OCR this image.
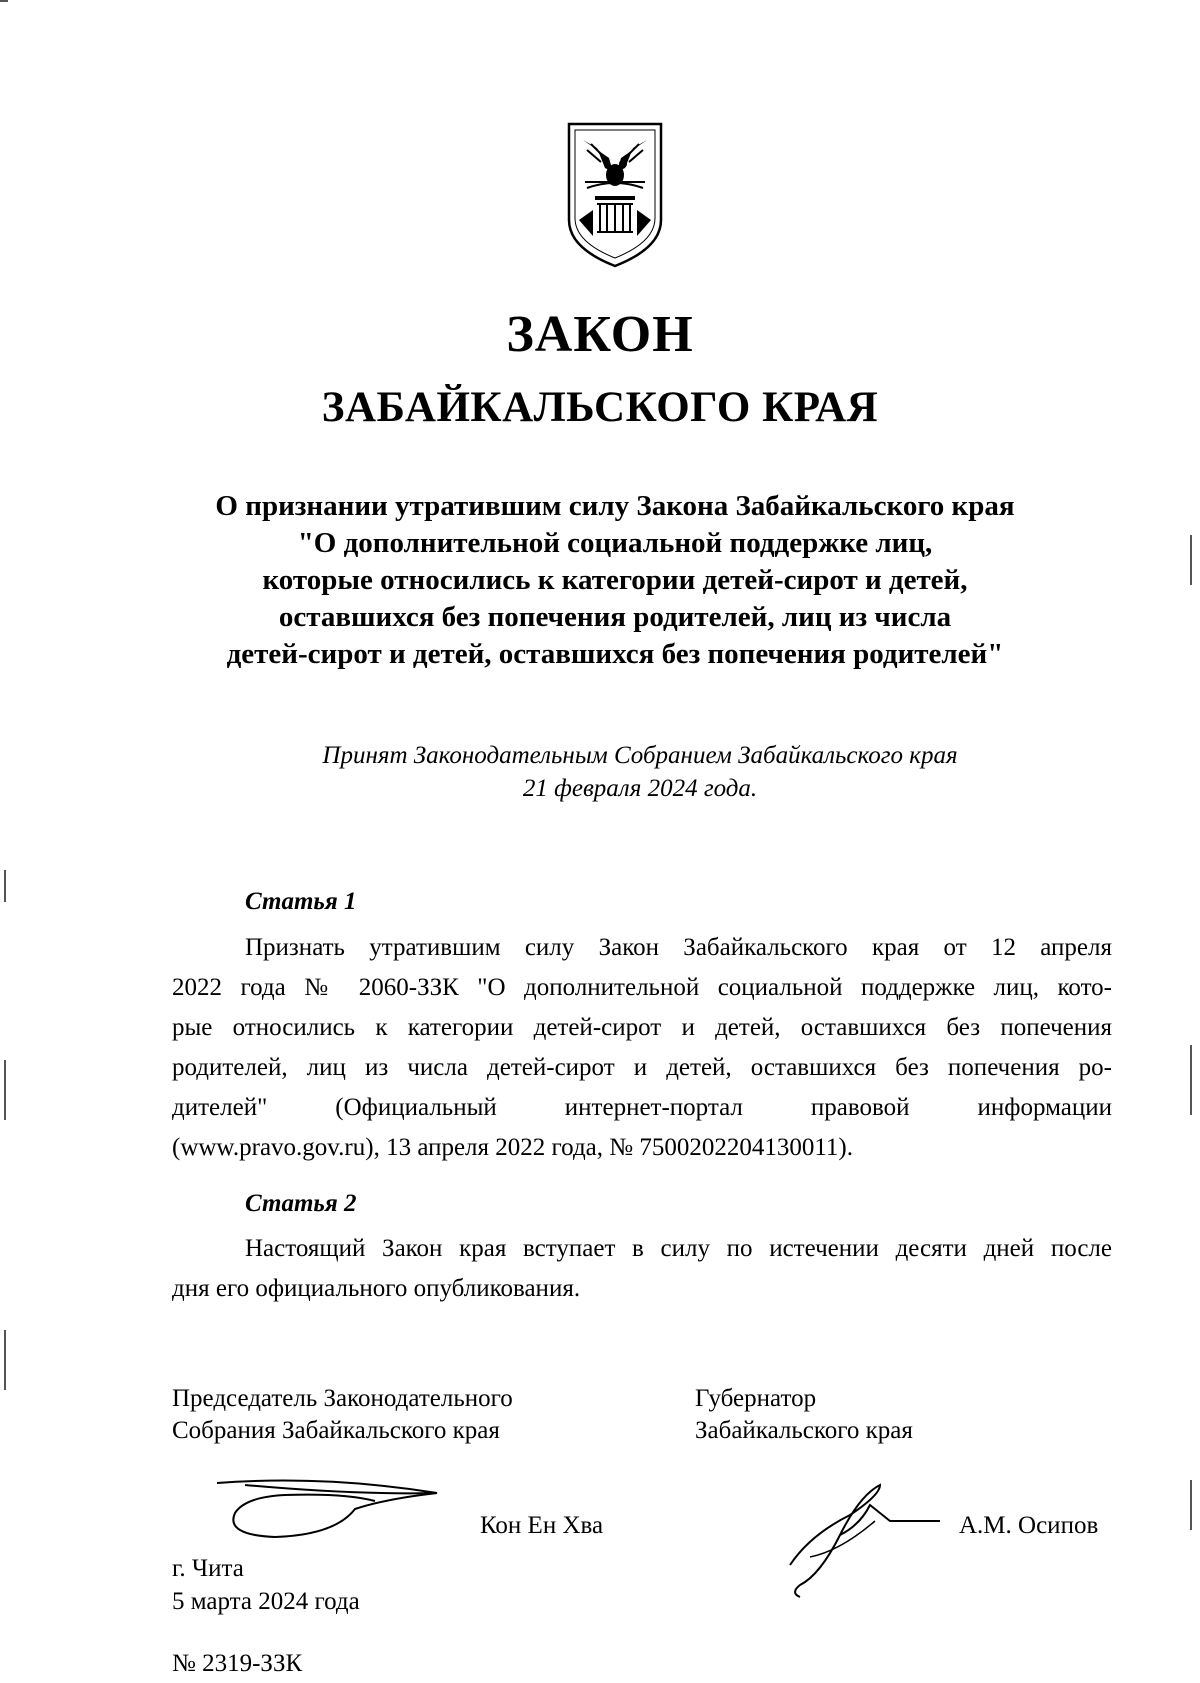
ЗАКОН
ЗАБАЙКАЛЬСКОГО КРАЯ
О признании утратившим силу Закона Забайкальского края
"О дополнительной социальной поддержке лиц,
которые относились к категории детей-сирот и детей,
оставшихся без попечения родителей, лиц из числа
детей-сирот и детей, оставшихся без попечения родителей"
Принят Законодательным Собранием Забайкальского края
21 февраля 2024 года.
Статья 1
Признать утратившим силу Закон Забайкальского края от 12 апреля
2022 года № 2060-ЗЗК "О дополнительной социальной поддержке лиц, кото-
рые относились к категории детей-сирот и детей, оставшихся без попечения
родителей, лиц из числа детей-сирот и детей, оставшихся без попечения ро-
дителей" (Официальный интернет-портал правовой информации
(www.pravo.gov.ru), 13 апреля 2022 года, № 7500202204130011).
Статья 2
Настоящий Закон края вступает в силу по истечении десяти дней после
дня его официального опубликования.
Председатель Законодательного
Собрания Забайкальского края
Губернатор
Забайкальского края
Кон Ен Хва	А.М. Осипов
г. Чита
5 марта 2024 года
№ 2319-ЗЗК
